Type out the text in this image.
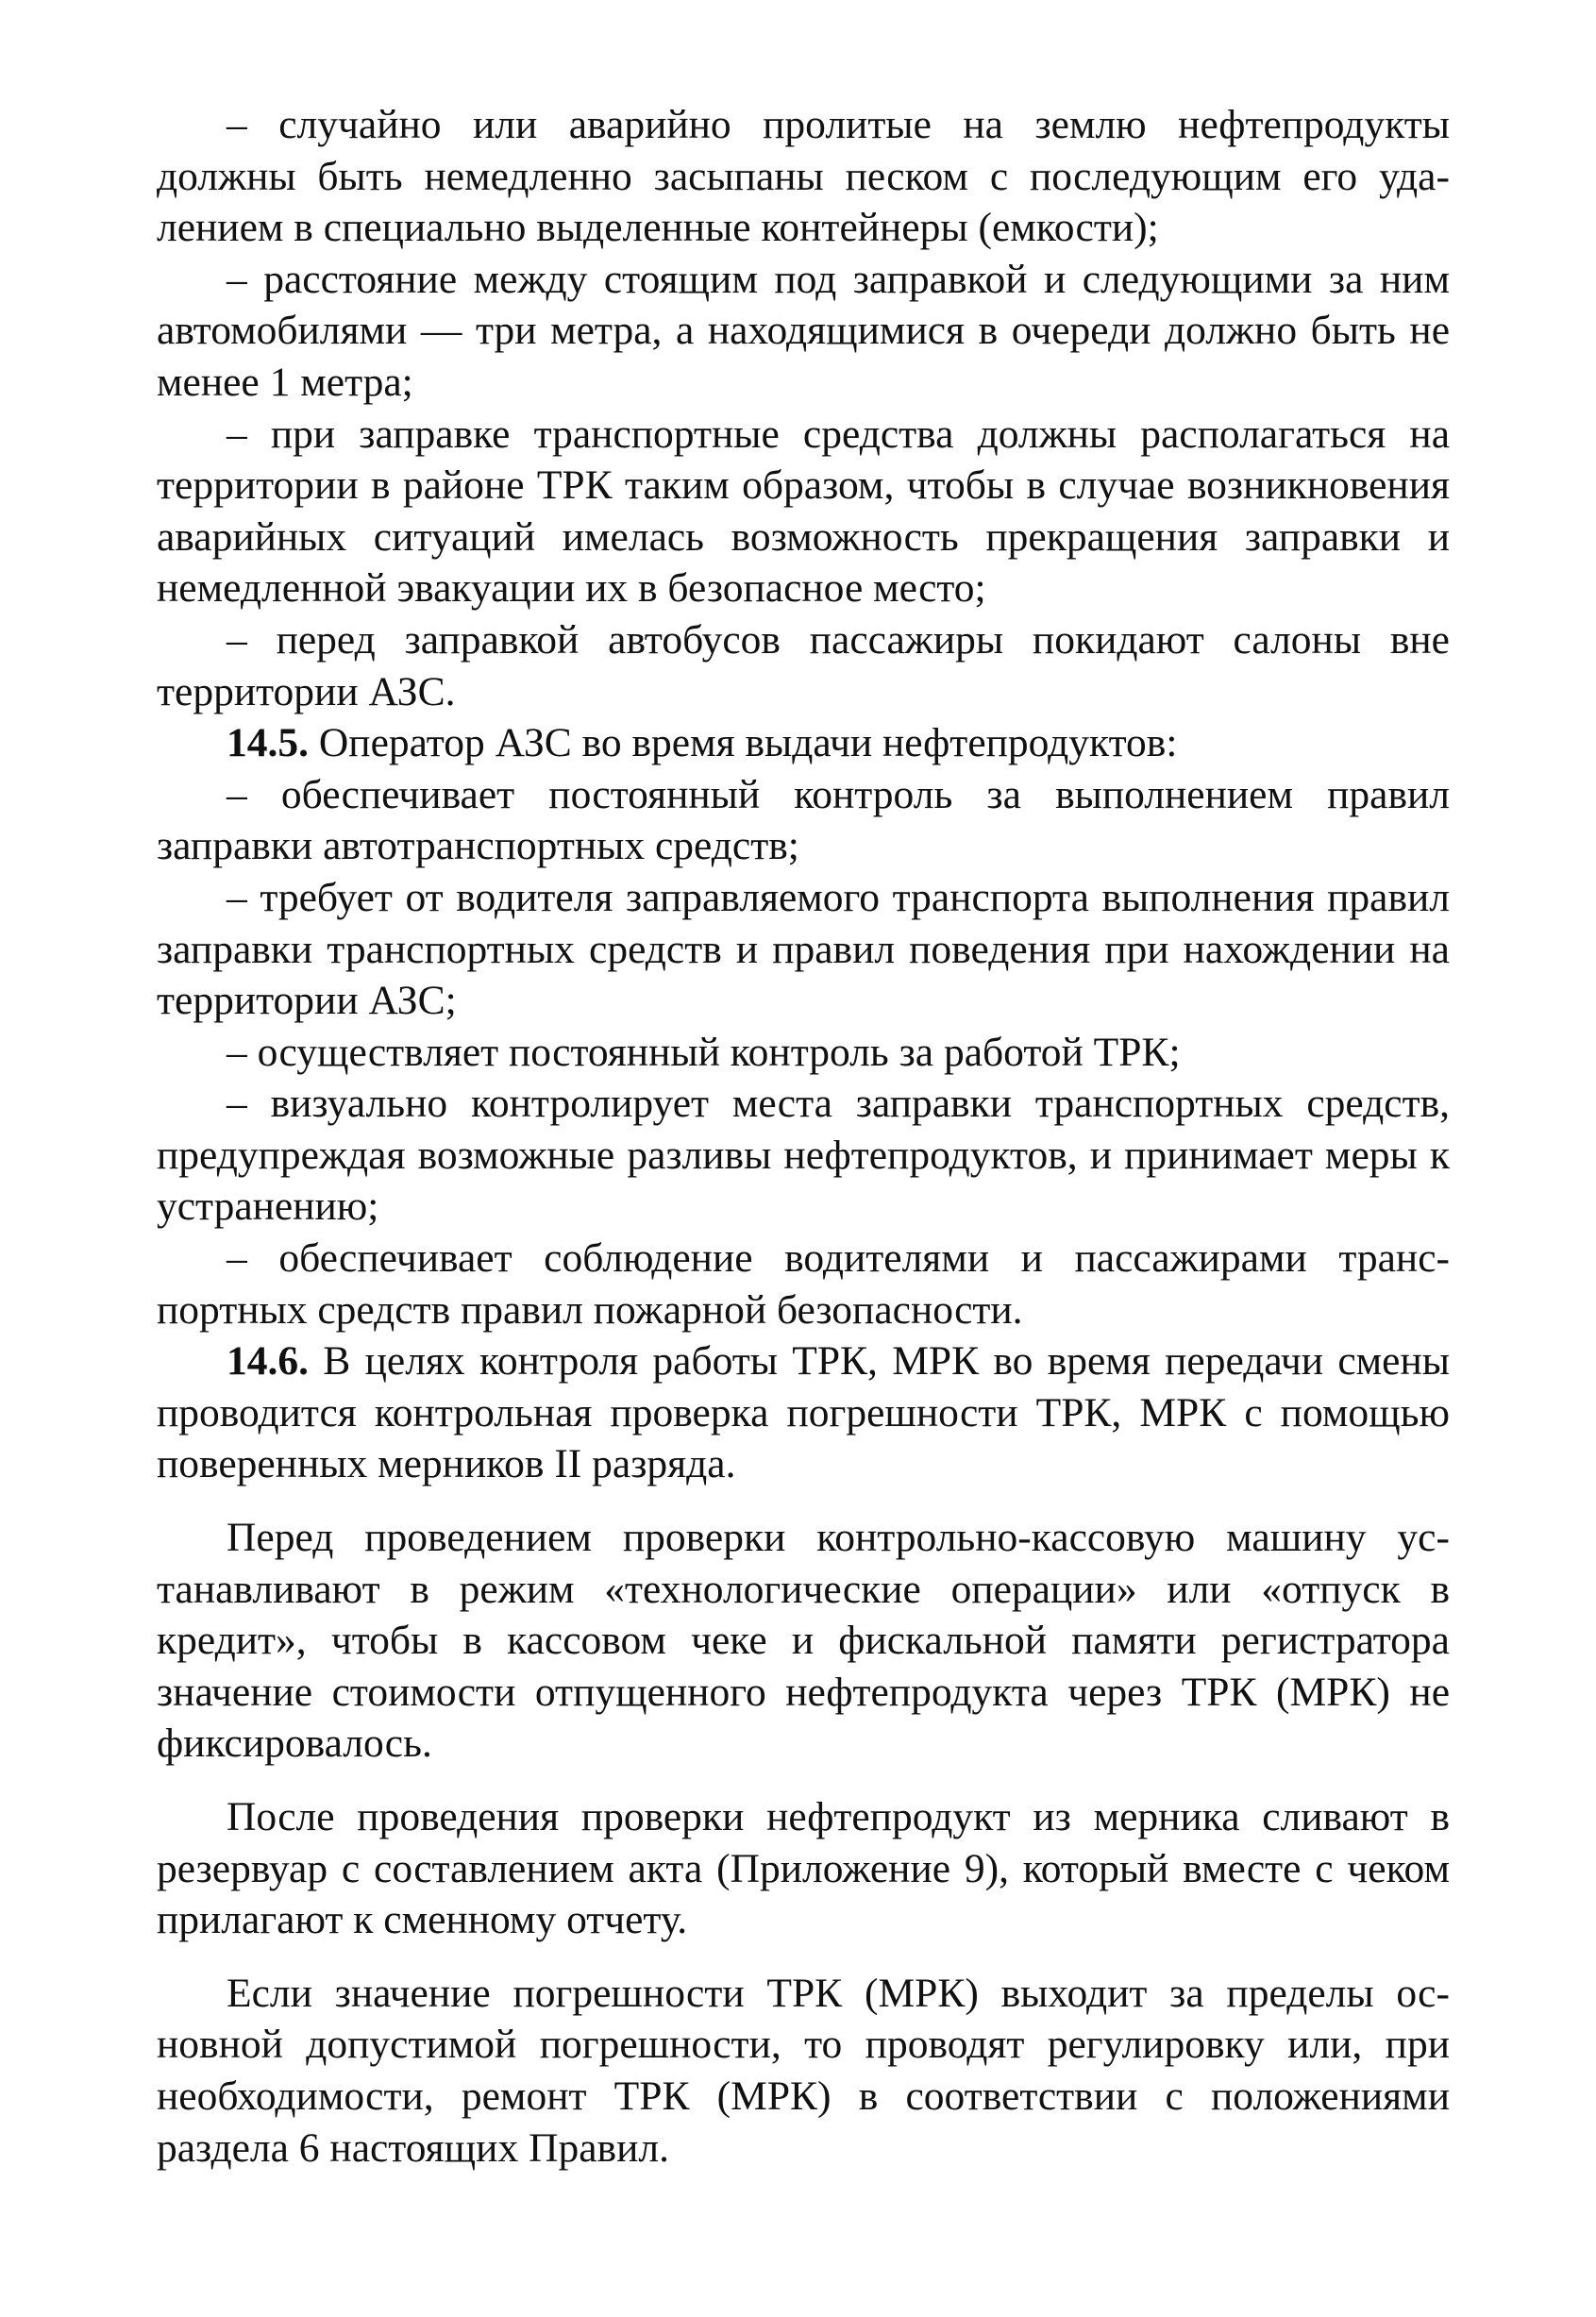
– случайно или аварийно пролитые на землю нефтепродукты должны быть немедленно засыпаны песком с последующим его удалением в специально выделенные контейнеры (емкости);

– расстояние между стоящим под заправкой и следующими за ним автомобилями — три метра, а находящимися в очереди должно быть не менее 1 метра;

– при заправке транспортные средства должны располагаться на территории в районе ТРК таким образом, чтобы в случае возникновения аварийных ситуаций имелась возможность прекращения заправки и немедленной эвакуации их в безопасное место;

– перед заправкой автобусов пассажиры покидают салоны вне территории АЗС.

14.5. Оператор АЗС во время выдачи нефтепродуктов:

– обеспечивает постоянный контроль за выполнением правил заправки автотранспортных средств;

– требует от водителя заправляемого транспорта выполнения правил заправки транспортных средств и правил поведения при нахождении на территории АЗС;

– осуществляет постоянный контроль за работой ТРК;

– визуально контролирует места заправки транспортных средств, предупреждая возможные разливы нефтепродуктов, и принимает меры к устранению;

– обеспечивает соблюдение водителями и пассажирами транспортных средств правил пожарной безопасности.

14.6. В целях контроля работы ТРК, МРК во время передачи смены проводится контрольная проверка погрешности ТРК, МРК с помощью поверенных мерников II разряда.

Перед проведением проверки контрольно-кассовую машину устанавливают в режим «технологические операции» или «отпуск в кредит», чтобы в кассовом чеке и фискальной памяти регистратора значение стоимости отпущенного нефтепродукта через ТРК (МРК) не фиксировалось.

После проведения проверки нефтепродукт из мерника сливают в резервуар с составлением акта (Приложение 9), который вместе с чеком прилагают к сменному отчету.

Если значение погрешности ТРК (МРК) выходит за пределы основной допустимой погрешности, то проводят регулировку или, при необходимости, ремонт ТРК (МРК) в соответствии с положениями раздела 6 настоящих Правил.
